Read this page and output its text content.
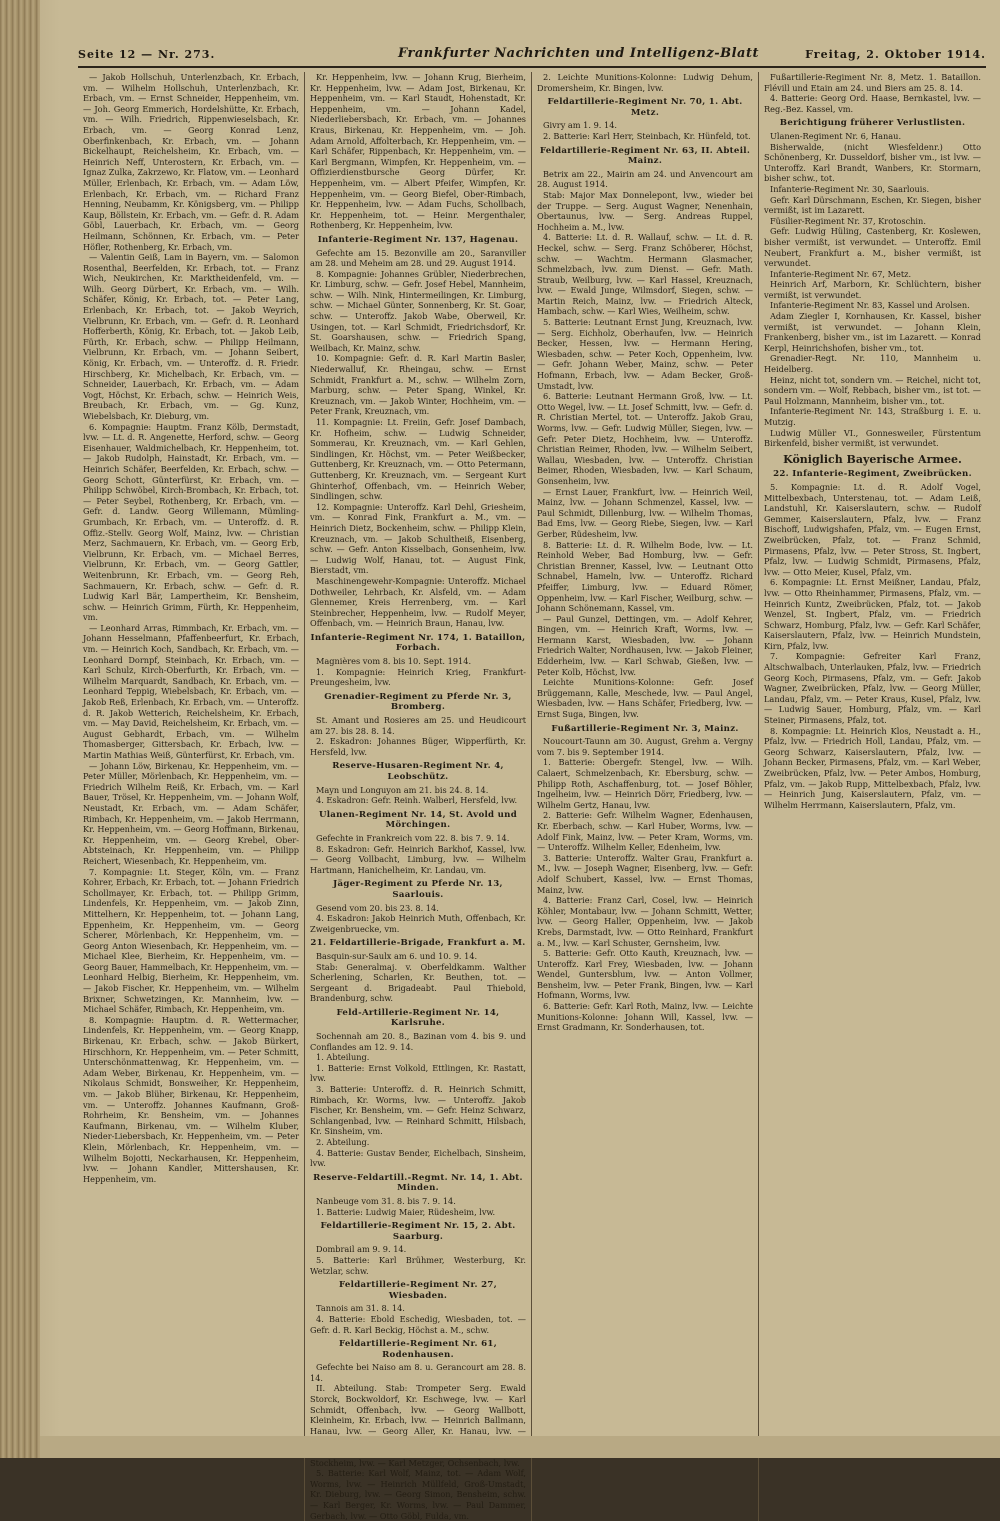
Seite 12 — Nr. 273.	Frankfurter Nachrichten und Intelligenz-Blatt	Freitag, 2. Oktober 1914.

— Jakob Hollschuh, Unterlenzbach, Kr. Erbach, vm. — Wilhelm Hollschuh, Unterlenzbach, Kr. Erbach, vm. — Ernst Schneider, Heppenheim, vm. — Joh. Georg Emmerich, Hordelshütte, Kr. Erbach, vm. — Wilh. Friedrich, Rippenwieselsbach, Kr. Erbach, vm. — Georg Konrad Lenz, Oberfinkenbach, Kr. Erbach, vm. — Johann Bickelhaupt, Reichelsheim, Kr. Erbach, vm. — Heinrich Neff, Unterostern, Kr. Erbach, vm. — Ignaz Zulka, Zakrzewo, Kr. Flatow, vm. — Leonhard Müller, Erlenbach, Kr. Erbach, vm. — Adam Löw, Erlenbach, Kr. Erbach, vm. — Richard Franz Henning, Neubamm, Kr. Königsberg, vm. — Philipp Kaup, Böllstein, Kr. Erbach, vm. — Gefr. d. R. Adam Göbl, Lauerbach, Kr. Erbach, vm. — Georg Heilmann, Schönnen, Kr. Erbach, vm. — Peter Höfler, Rothenberg, Kr. Erbach, vm.

— Valentin Geiß, Lam in Bayern, vm. — Salomon Rosenthal, Beerfelden, Kr. Erbach, tot. — Franz Wich, Neukirchen, Kr. Marktheidenfeld, vm. — Wilh. Georg Dürbert, Kr. Erbach, vm. — Wilh. Schäfer, König, Kr. Erbach, tot. — Peter Lang, Erlenbach, Kr. Erbach, tot. — Jakob Weyrich, Vielbrunn, Kr. Erbach, vm. — Gefr. d. R. Leonhard Hofferberth, König, Kr. Erbach, tot. — Jakob Leib, Fürth, Kr. Erbach, schw. — Philipp Heilmann, Vielbrunn, Kr. Erbach, vm. — Johann Seibert, König, Kr. Erbach, vm. — Unteroffz. d. R. Friedr. Hirschberg, Kr. Michelbach, Kr. Erbach, vm. — Schneider, Lauerbach, Kr. Erbach, vm. — Adam Vogt, Höchst, Kr. Erbach, schw. — Heinrich Weis, Breubach, Kr. Erbach, vm. — Gg. Kunz, Wiebelsbach, Kr. Dieburg, vm.

6. Kompagnie: Hauptm. Franz Kölb, Dermstadt, lvw. — Lt. d. R. Angenette, Herford, schw. — Georg Eisenhauer, Waldmichelbach, Kr. Heppenheim, tot. — Jakob Rudolph, Hainstadt, Kr. Erbach, vm. — Heinrich Schäfer, Beerfelden, Kr. Erbach, schw. — Georg Schott, Günterfürst, Kr. Erbach, vm. — Philipp Schwöbel, Kirch-Brombach, Kr. Erbach, tot. — Peter Seybel, Rothenberg, Kr. Erbach, vm. — Gefr. d. Landw. Georg Willemann, Mümling-Grumbach, Kr. Erbach, vm. — Unteroffz. d. R. Offiz.-Stellv. Georg Wolf, Mainz, lvw. — Christian Merz, Sachmauern, Kr. Erbach, vm. — Georg Erb, Vielbrunn, Kr. Erbach, vm. — Michael Berres, Vielbrunn, Kr. Erbach, vm. — Georg Gattler, Weitenbrunn, Kr. Erbach, vm. — Georg Reh, Sachmauern, Kr. Erbach, schw. — Gefr. d. R. Ludwig Karl Bär, Lampertheim, Kr. Bensheim, schw. — Heinrich Grimm, Fürth, Kr. Heppenheim, vm.

— Leonhard Arras, Rimmbach, Kr. Erbach, vm. — Johann Hesselmann, Pfaffenbeerfurt, Kr. Erbach, vm. — Heinrich Koch, Sandbach, Kr. Erbach, vm. — Leonhard Dornpf, Steinbach, Kr. Erbach, vm. — Karl Schulz, Kirch-Oberfurth, Kr. Erbach, vm. — Wilhelm Marquardt, Sandbach, Kr. Erbach, vm. — Leonhard Teppig, Wiebelsbach, Kr. Erbach, vm. — Jakob Reß, Erlenbach, Kr. Erbach, vm. — Unteroffz. d. R. Jakob Wetterich, Reichelsheim, Kr. Erbach, vm. — May David, Reichelsheim, Kr. Erbach, vm. — August Gebhardt, Erbach, vm. — Wilhelm Thomasberger, Gittersbach, Kr. Erbach, lvw. — Martin Mathias Weiß, Günterfürst, Kr. Erbach, vm.

— Johann Löw, Birkenau, Kr. Heppenheim, vm. — Peter Müller, Mörlenbach, Kr. Heppenheim, vm. — Friedrich Wilhelm Reiß, Kr. Erbach, vm. — Karl Bauer, Trösel, Kr. Heppenheim, vm. — Johann Wolf, Neustadt, Kr. Erbach, vm. — Adam Schäfer, Rimbach, Kr. Heppenheim, vm. — Jakob Herrmann, Kr. Heppenheim, vm. — Georg Hoffmann, Birkenau, Kr. Heppenheim, vm. — Georg Krebel, Ober-Abtsteinach, Kr. Heppenheim, vm. — Philipp Reichert, Wiesenbach, Kr. Heppenheim, vm.

7. Kompagnie: Lt. Steger, Köln, vm. — Franz Kohrer, Erbach, Kr. Erbach, tot. — Johann Friedrich Schollmayer, Kr. Erbach, tot. — Philipp Grimm, Lindenfels, Kr. Heppenheim, vm. — Jakob Zinn, Mittelhern, Kr. Heppenheim, tot. — Johann Lang, Eppenheim, Kr. Heppenheim, vm. — Georg Scherer, Mörlenbach, Kr. Heppenheim, vm. — Georg Anton Wiesenbach, Kr. Heppenheim, vm. — Michael Klee, Bierheim, Kr. Heppenheim, vm. — Georg Bauer, Hammelbach, Kr. Heppenheim, vm. — Leonhard Helbig, Bierheim, Kr. Heppenheim, vm. — Jakob Fischer, Kr. Heppenheim, vm. — Wilhelm Brixner, Schwetzingen, Kr. Mannheim, lvw. — Michael Schäfer, Rimbach, Kr. Heppenheim, vm.

8. Kompagnie: Hauptm. d. R. Wettermacher, Lindenfels, Kr. Heppenheim, vm. — Georg Knapp, Birkenau, Kr. Erbach, schw. — Jakob Bürkert, Hirschhorn, Kr. Heppenheim, vm. — Peter Schmitt, Unterschönmattenwag, Kr. Heppenheim, vm. — Adam Weber, Birkenau, Kr. Heppenheim, vm. — Nikolaus Schmidt, Bonsweiher, Kr. Heppenheim, vm. — Jakob Blüher, Birkenau, Kr. Heppenheim, vm. — Unteroffz. Johannes Kaufmann, Groß-Rohrheim, Kr. Bensheim, vm. — Johannes Kaufmann, Birkenau, vm. — Wilhelm Kluber, Nieder-Liebersbach, Kr. Heppenheim, vm. — Peter Klein, Mörlenbach, Kr. Heppenheim, vm. — Wilhelm Bojotti, Neckarhausen, Kr. Heppenheim, lvw. — Johann Kandler, Mittershausen, Kr. Heppenheim, vm.

Kr. Heppenheim, lvw. — Johann Krug, Bierheim, Kr. Heppenheim, lvw. — Adam Jost, Birkenau, Kr. Heppenheim, vm. — Karl Staudt, Hohenstadt, Kr. Heppenheim, vm. — Johann Kadel, Niederliebersbach, Kr. Erbach, vm. — Johannes Kraus, Birkenau, Kr. Heppenheim, vm. — Joh. Adam Arnold, Affolterbach, Kr. Heppenheim, vm. — Karl Schäfer, Rippenbach, Kr. Heppenheim, vm. — Karl Bergmann, Wimpfen, Kr. Heppenheim, vm. — Offizierdienstbursche Georg Dürfer, Kr. Heppenheim, vm. — Albert Pfeifer, Wimpfen, Kr. Heppenheim, vm. — Georg Biefel, Ober-Rimbach, Kr. Heppenheim, lvw. — Adam Fuchs, Schollbach, Kr. Heppenheim, tot. — Heinr. Mergenthaler, Rothenberg, Kr. Heppenheim, lvw.

Infanterie-Regiment Nr. 137, Hagenau.

Gefechte am 15. Bezonville am 20., Saranviller am 28. und Meheim am 28. und 29. August 1914.

8. Kompagnie: Johannes Grübler, Niederbrechen, Kr. Limburg, schw. — Gefr. Josef Hebel, Mannheim, schw. — Wilh. Nink, Hintermeilingen, Kr. Limburg, schw. — Michael Günter, Sonnenberg, Kr. St. Goar, schw. — Unteroffz. Jakob Wabe, Oberweil, Kr. Usingen, tot. — Karl Schmidt, Friedrichsdorf, Kr. St. Goarshausen, schw. — Friedrich Spang, Weilbach, Kr. Mainz, schw.

10. Kompagnie: Gefr. d. R. Karl Martin Basler, Niederwalluf, Kr. Rheingau, schw. — Ernst Schmidt, Frankfurt a. M., schw. — Wilhelm Zorn, Marburg, schw. — Peter Spang, Winkel, Kr. Kreuznach, vm. — Jakob Winter, Hochheim, vm. — Peter Frank, Kreuznach, vm.

11. Kompagnie: Lt. Freiin, Gefr. Josef Dambach, Kr. Hofheim, schw. — Ludwig Schneider, Sommerau, Kr. Kreuznach, vm. — Karl Gehlen, Sindlingen, Kr. Höchst, vm. — Peter Weißbecker, Guttenberg, Kr. Kreuznach, vm. — Otto Petermann, Guttenberg, Kr. Kreuznach, vm. — Sergeant Kurt Ghinterhof, Offenbach, vm. — Heinrich Weber, Sindlingen, schw.

12. Kompagnie: Unteroffz. Karl Dehl, Griesheim, vm. — Konrad Fink, Frankfurt a. M., vm. — Heinrich Dietz, Bockenheim, schw. — Philipp Klein, Kreuznach, vm. — Jakob Schultheiß, Eisenberg, schw. — Gefr. Anton Kisselbach, Gonsenheim, lvw. — Ludwig Wolf, Hanau, tot. — August Fink, Bierstadt, vm.

Maschinengewehr-Kompagnie: Unteroffz. Michael Dothweiler, Lehrbach, Kr. Alsfeld, vm. — Adam Glennemer, Kreis Herrenberg, vm. — Karl Steinbrecher, Heppenheim, lvw. — Rudolf Meyer, Offenbach, vm. — Heinrich Braun, Hanau, lvw.

Infanterie-Regiment Nr. 174, 1. Bataillon, Forbach.

Magnières vom 8. bis 10. Sept. 1914.

1. Kompagnie: Heinrich Krieg, Frankfurt-Preungesheim, lvw.

Grenadier-Regiment zu Pferde Nr. 3, Bromberg.

St. Amant und Rosieres am 25. und Heudicourt am 27. bis 28. 8. 14.

2. Eskadron: Johannes Büger, Wipperfürth, Kr. Hersfeld, lvw.

Reserve-Husaren-Regiment Nr. 4, Leobschütz.

Mayn und Longuyon am 21. bis 24. 8. 14.

4. Eskadron: Gefr. Reinh. Walberl, Hersfeld, lvw.

Ulanen-Regiment Nr. 14, St. Avold und Mörchingen.

Gefechte in Frankreich vom 22. 8. bis 7. 9. 14.

8. Eskadron: Gefr. Heinrich Barkhof, Kassel, lvw. — Georg Vollbacht, Limburg, lvw. — Wilhelm Hartmann, Hanichelheim, Kr. Landau, vm.

Jäger-Regiment zu Pferde Nr. 13, Saarlouis.

Gesend vom 20. bis 23. 8. 14.

4. Eskadron: Jakob Heinrich Muth, Offenbach, Kr. Zweigenbruecke, vm.

21. Feldartillerie-Brigade, Frankfurt a. M.

Basquin-sur-Saulx am 6. und 10. 9. 14.

Stab: Generalmaj. v. Oberfeldkamm. Walther Scherlening, Scharlen, Kr. Beuthen, tot. — Sergeant d. Brigadeabt. Paul Thiebold, Brandenburg, schw.

Feld-Artillerie-Regiment Nr. 14, Karlsruhe.

Sochennah am 20. 8., Bazinan vom 4. bis 9. und Conflandes am 12. 9. 14.

1. Abteilung.

1. Batterie: Ernst Volkold, Ettlingen, Kr. Rastatt, lvw.

3. Batterie: Unteroffz. d. R. Heinrich Schmitt, Rimbach, Kr. Worms, lvw. — Unteroffz. Jakob Fischer, Kr. Bensheim, vm. — Gefr. Heinz Schwarz, Schlangenbad, lvw. — Reinhard Schmitt, Hilsbach, Kr. Sinsheim, vm.

2. Abteilung.

4. Batterie: Gustav Bender, Eichelbach, Sinsheim, lvw.

Reserve-Feldartill.-Regmt. Nr. 14, 1. Abt. Minden.

Nanbeuge vom 31. 8. bis 7. 9. 14.

1. Batterie: Ludwig Maier, Rüdesheim, lvw.

Feldartillerie-Regiment Nr. 15, 2. Abt. Saarburg.

Dombrail am 9. 9. 14.

5. Batterie: Karl Brühmer, Westerburg, Kr. Wetzlar, schw.

Feldartillerie-Regiment Nr. 27, Wiesbaden.

Tannois am 31. 8. 14.

4. Batterie: Ebold Eschedig, Wiesbaden, tot. — Gefr. d. R. Karl Beckig, Höchst a. M., schw.

Feldartillerie-Regiment Nr. 61, Rodenhausen.

Gefechte bei Naiso am 8. u. Gerancourt am 28. 8. 14.

II. Abteilung. Stab: Trompeter Serg. Ewald Storck, Bockwoldorf, Kr. Eschwege, lvw. — Karl Schmidt, Offenbach, lvw. — Georg Wallbott, Kleinheim, Kr. Erbach, lvw. — Heinrich Ballmann, Hanau, lvw. — Georg Aller, Kr. Hanau, lvw. — Stockheim, lvw. — Karl Metzger, Ochsenbach, lvw.

5. Batterie: Karl Wolf, Mainz, tot. — Adam Wolf, Worms, lvw. — Heinrich Müllfeld, Groß-Umstadt, Kr. Dieburg, lvw. — Georg Simon, Bensheim, schw. — Karl Berger, Kr. Worms, lvw. — Paul Dammer, Gerbach, lvw. — Otto Göbl, Fulda, vm.

2. Leichte Munitions-Kolonne: Ludwig Dehum, Dromersheim, Kr. Bingen, lvw.

Feldartillerie-Regiment Nr. 70, 1. Abt. Metz.

Givry am 1. 9. 14.

2. Batterie: Karl Herr, Steinbach, Kr. Hünfeld, tot.

Feldartillerie-Regiment Nr. 63, II. Abteil. Mainz.

Betrix am 22., Mairin am 24. und Anvencourt am 28. August 1914.

Stab: Major Max Donnelepont, lvw., wieder bei der Truppe. — Serg. August Wagner, Nenenhain, Obertaunus, lvw. — Serg. Andreas Ruppel, Hochheim a. M., lvw.

4. Batterie: Lt. d. R. Wallauf, schw. — Lt. d. R. Heckel, schw. — Serg. Franz Schöberer, Höchst, schw. — Wachtm. Hermann Glasmacher, Schmelzbach, lvw. zum Dienst. — Gefr. Math. Straub, Weilburg, lvw. — Karl Hassel, Kreuznach, lvw. — Ewald Junge, Wilmsdorf, Siegen, schw. — Martin Reich, Mainz, lvw. — Friedrich Alteck, Hambach, schw. — Karl Wies, Weilheim, schw.

5. Batterie: Leutnant Ernst Jung, Kreuznach, lvw. — Serg. Eichholz, Oberhaufen, lvw. — Heinrich Becker, Hessen, lvw. — Hermann Hering, Wiesbaden, schw. — Peter Koch, Oppenheim, lvw. — Gefr. Johann Weber, Mainz, schw. — Peter Hofmann, Erbach, lvw. — Adam Becker, Groß-Umstadt, lvw.

6. Batterie: Leutnant Hermann Groß, lvw. — Lt. Otto Wegel, lvw. — Lt. Josef Schmitt, lvw. — Gefr. d. R. Christian Mertel, tot. — Unteroffz. Jakob Grau, Worms, lvw. — Gefr. Ludwig Müller, Siegen, lvw. — Gefr. Peter Dietz, Hochheim, lvw. — Unteroffz. Christian Reimer, Rhoden, lvw. — Wilhelm Seibert, Wallau, Wiesbaden, lvw. — Unteroffz. Christian Beimer, Rhoden, Wiesbaden, lvw. — Karl Schaum, Gonsenheim, lvw.

— Ernst Lauer, Frankfurt, lvw. — Heinrich Weil, Mainz, lvw. — Johann Schmenzel, Kassel, lvw. — Paul Schmidt, Dillenburg, lvw. — Wilhelm Thomas, Bad Ems, lvw. — Georg Riebe, Siegen, lvw. — Karl Gerber, Rüdesheim, lvw.

8. Batterie: Lt. d. R. Wilhelm Bode, lvw. — Lt. Reinhold Weber, Bad Homburg, lvw. — Gefr. Christian Brenner, Kassel, lvw. — Leutnant Otto Schnabel, Hameln, lvw. — Unteroffz. Richard Pfeiffer, Limburg, lvw. — Eduard Römer, Oppenheim, lvw. — Karl Fischer, Weilburg, schw. — Johann Schönemann, Kassel, vm.

— Paul Gunzel, Dettingen, vm. — Adolf Kehrer, Bingen, vm. — Heinrich Kraft, Worms, lvw. — Hermann Karst, Wiesbaden, lvw. — Johann Friedrich Walter, Nordhausen, lvw. — Jakob Fleiner, Edderheim, lvw. — Karl Schwab, Gießen, lvw. — Peter Kolb, Höchst, lvw.

Leichte Munitions-Kolonne: Gefr. Josef Brüggemann, Kalle, Meschede, lvw. — Paul Angel, Wiesbaden, lvw. — Hans Schäfer, Friedberg, lvw. — Ernst Suga, Bingen, lvw.

Fußartillerie-Regiment Nr. 3, Mainz.

Noucourt-Taunn am 30. August, Grehm a. Vergny vom 7. bis 9. September 1914.

1. Batterie: Obergefr. Stengel, lvw. — Wilh. Calaert, Schmelzenbach, Kr. Ebersburg, schw. — Philipp Roth, Aschaffenburg, tot. — Josef Böhler, Ingelheim, lvw. — Heinrich Dörr, Friedberg, lvw. — Wilhelm Gertz, Hanau, lvw.

2. Batterie: Gefr. Wilhelm Wagner, Edenhausen, Kr. Eberbach, schw. — Karl Huber, Worms, lvw. — Adolf Fink, Mainz, lvw. — Peter Kram, Worms, vm. — Unteroffz. Wilhelm Keller, Edenheim, lvw.

3. Batterie: Unteroffz. Walter Grau, Frankfurt a. M., lvw. — Joseph Wagner, Eisenberg, lvw. — Gefr. Adolf Schubert, Kassel, lvw. — Ernst Thomas, Mainz, lvw.

4. Batterie: Franz Carl, Cosel, lvw. — Heinrich Köhler, Montabaur, lvw. — Johann Schmitt, Wetter, lvw. — Georg Haller, Oppenheim, lvw. — Jakob Krebs, Darmstadt, lvw. — Otto Reinhard, Frankfurt a. M., lvw. — Karl Schuster, Gernsheim, lvw.

5. Batterie: Gefr. Otto Kauth, Kreuznach, lvw. — Unteroffz. Karl Frey, Wiesbaden, lvw. — Johann Wendel, Guntersblum, lvw. — Anton Vollmer, Bensheim, lvw. — Peter Frank, Bingen, lvw. — Karl Hofmann, Worms, lvw.

6. Batterie: Gefr. Karl Roth, Mainz, lvw. — Leichte Munitions-Kolonne: Johann Will, Kassel, lvw. — Ernst Gradmann, Kr. Sonderhausen, tot.

Fußartillerie-Regiment Nr. 8, Metz. 1. Bataillon. Flévill und Etain am 24. und Biers am 25. 8. 14.

4. Batterie: Georg Ord. Haase, Bernkastel, lvw. — Reg.-Bez. Kassel, vm.

Berichtigung früherer Verlustlisten.

Ulanen-Regiment Nr. 6, Hanau.

Bisherwalde, (nicht Wiesfeldenr.) Otto Schönenberg, Kr. Dusseldorf, bisher vm., ist lvw. — Unteroffz. Karl Brandt, Wanbers, Kr. Stormarn, bisher schw., tot.

Infanterie-Regiment Nr. 30, Saarlouis.

Gefr. Karl Dürschmann, Eschen, Kr. Siegen, bisher vermißt, ist im Lazarett.

Füsilier-Regiment Nr. 37, Krotoschin.

Gefr. Ludwig Hüling, Castenberg, Kr. Koslewen, bisher vermißt, ist verwundet. — Unteroffz. Emil Neubert, Frankfurt a. M., bisher vermißt, ist verwundet.

Infanterie-Regiment Nr. 67, Metz.

Heinrich Arf, Marborn, Kr. Schlüchtern, bisher vermißt, ist verwundet.

Infanterie-Regiment Nr. 83, Kassel und Arolsen.

Adam Ziegler I, Kornhausen, Kr. Kassel, bisher vermißt, ist verwundet. — Johann Klein, Frankenberg, bisher vm., ist im Lazarett. — Konrad Kerpl, Heinrichshofen, bisher vm., tot.

Grenadier-Regt. Nr. 110, Mannheim u. Heidelberg.

Heinz, nicht tot, sondern vm. — Reichel, nicht tot, sondern vm. — Wolf, Rebbach, bisher vm., ist tot. — Paul Holzmann, Mannheim, bisher vm., tot.

Infanterie-Regiment Nr. 143, Straßburg i. E. u. Mutzig.

Ludwig Müller VI., Gonnesweiler, Fürstentum Birkenfeld, bisher vermißt, ist verwundet.

Königlich Bayerische Armee.

22. Infanterie-Regiment, Zweibrücken.

5. Kompagnie: Lt. d. R. Adolf Vogel, Mittelbexbach, Unterstenau, tot. — Adam Leiß, Landstuhl, Kr. Kaiserslautern, schw. — Rudolf Gemmer, Kaiserslautern, Pfalz, lvw. — Franz Bischoff, Ludwigshafen, Pfalz, vm. — Eugen Ernst, Zweibrücken, Pfalz, tot. — Franz Schmid, Pirmasens, Pfalz, lvw. — Peter Stross, St. Ingbert, Pfalz, lvw. — Ludwig Schmidt, Pirmasens, Pfalz, lvw. — Otto Meier, Kusel, Pfalz, vm.

6. Kompagnie: Lt. Ernst Meißner, Landau, Pfalz, lvw. — Otto Rheinhammer, Pirmasens, Pfalz, vm. — Heinrich Kuntz, Zweibrücken, Pfalz, tot. — Jakob Wenzel, St. Ingbert, Pfalz, vm. — Friedrich Schwarz, Homburg, Pfalz, lvw. — Gefr. Karl Schäfer, Kaiserslautern, Pfalz, lvw. — Heinrich Mundstein, Kirn, Pfalz, lvw.

7. Kompagnie: Gefreiter Karl Franz, Altschwalbach, Unterlauken, Pfalz, lvw. — Friedrich Georg Koch, Pirmasens, Pfalz, vm. — Gefr. Jakob Wagner, Zweibrücken, Pfalz, lvw. — Georg Müller, Landau, Pfalz, vm. — Peter Kraus, Kusel, Pfalz, lvw. — Ludwig Sauer, Homburg, Pfalz, vm. — Karl Steiner, Pirmasens, Pfalz, tot.

8. Kompagnie: Lt. Heinrich Klos, Neustadt a. H., Pfalz, lvw. — Friedrich Holl, Landau, Pfalz, vm. — Georg Schwarz, Kaiserslautern, Pfalz, lvw. — Johann Becker, Pirmasens, Pfalz, vm. — Karl Weber, Zweibrücken, Pfalz, lvw. — Peter Ambos, Homburg, Pfalz, vm. — Jakob Rupp, Mittelbexbach, Pfalz, lvw. — Heinrich Jung, Kaiserslautern, Pfalz, vm. — Wilhelm Herrmann, Kaiserslautern, Pfalz, vm.
